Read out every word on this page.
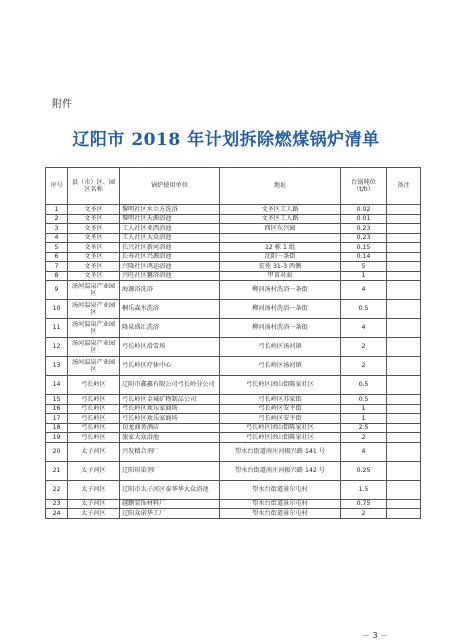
附件
辽阳市 2018 年计划拆除燃煤锅炉清单
序号	县（市）区、园区名称	锅炉使用单位	地址	台锅吨位（t/h）	备注
1	文圣区	黎明社区水立方洗浴	文圣区工人路	0.02	
2	文圣区	黎明社区天源浴池	文圣区工人路	0.01	
3	文圣区	工人社区亚西浴池	西区东兴园	0.23	
4	文圣区	工人社区大众浴池		0.23	
5	文圣区	长兴社区新河浴池	12 栋 1 组	0.15	
6	文圣区	长寿社区兴源浴池	沈阳一条街	0.14	
7	文圣区	兴隆社区鸿运浴池	宏苑 31-3 西侧	5	
8	文圣区	兴旺社区馨浴浴池	甲省对面	1	
9	汤河温泉产业园区	海源浴洗浴	柳河汤村洗浴一条街	4	
10	汤河温泉产业园区	桐乐森水洗浴	柳河汤村洗浴一条街	0.5	
11	汤河温泉产业园区	隆泉盛汇洗浴	柳河汤村洗浴一条街	4	
12	汤河温泉产业园区	弓长岭区滑雪场	弓长岭区汤河镇	2	
13	汤河温泉产业园区	弓长岭区疗休中心	弓长岭区汤河镇	2	
14	弓长岭区	辽阳市鑫鑫有限公司弓长岭分公司	弓长岭区团山街陈家社区	0.5	
15	弓长岭区	弓长岭区金城矿物制品公司	弓长岭区苏家街	0.5	
16	弓长岭区	弓长岭区欢乐家商场	弓长岭区安平街	1	
17	弓长岭区	弓长岭区欢乐家商场	弓长岭区安平街	1	
18	弓长岭区	旬龙商务酒店	弓长岭区团山街陈家社区	2.5	
19	弓长岭区	旅家大众浴池	弓长岭区团山街陈家社区	2	
20	太子河区	兴发精合剂厂	望水台街道南庄河振兴路 141 号	4	
21	太子河区	辽阳印染剂厂	望水台街道南庄河振兴路 142 号	0.25	
22	太子河区	辽阳市太子河区泰华华大众浴池	望水台街道景尔屯村	1.5	
23	太子河区	越鹏装饰材料厂	望水台街道景尔屯村	0.75	
24	太子河区	辽阳众诺华工厂	望水台街道景尔屯村	2	
－ 3 －
